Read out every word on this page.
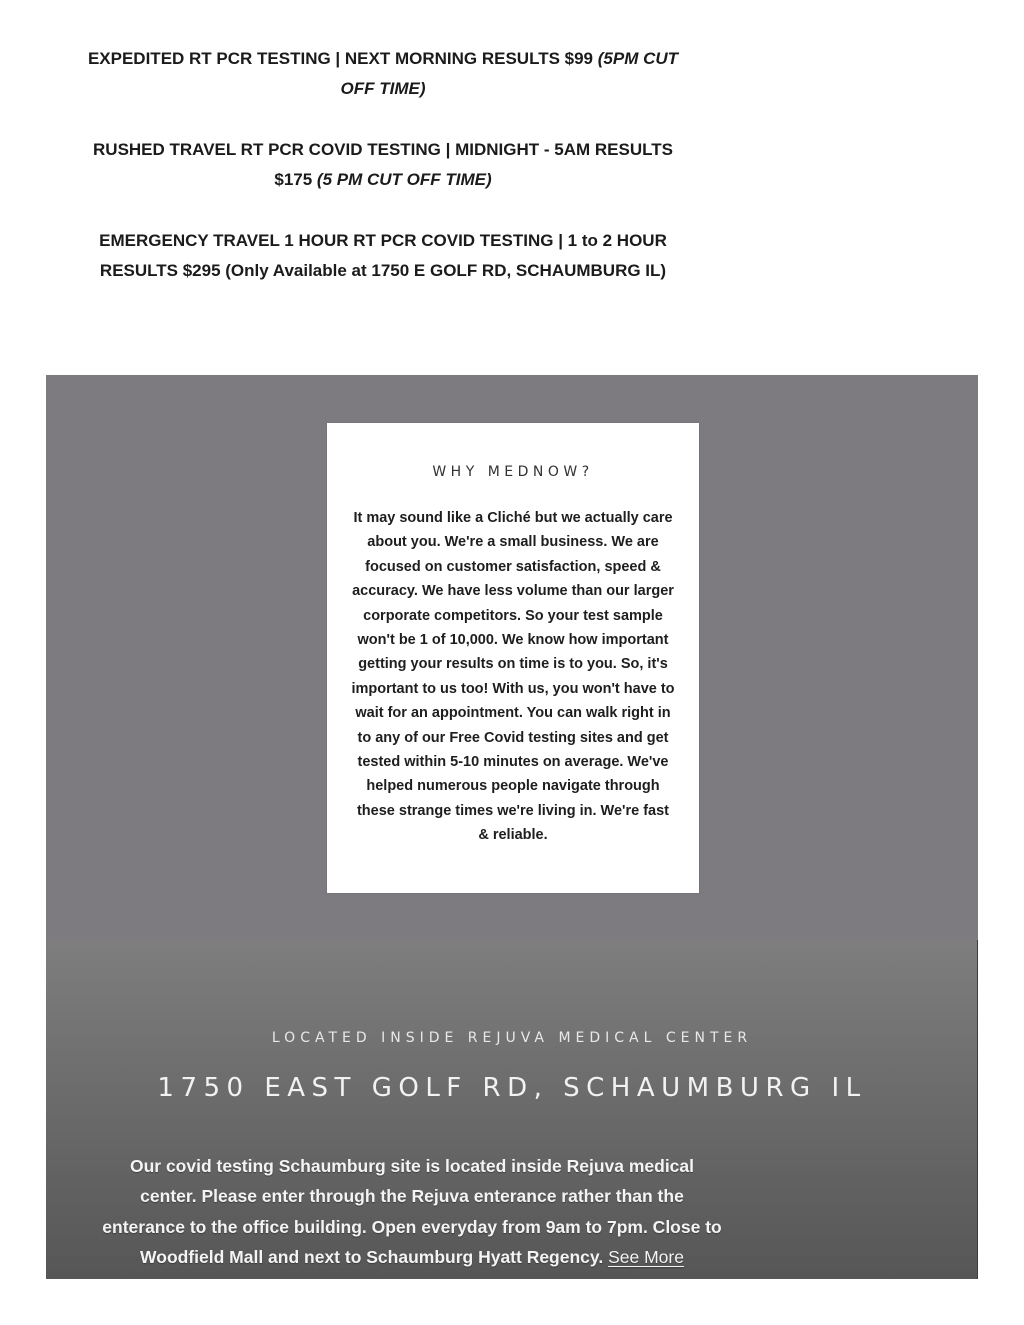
EXPEDITED RT PCR TESTING | NEXT MORNING RESULTS $99 (5PM CUT OFF TIME)

RUSHED TRAVEL RT PCR COVID TESTING | MIDNIGHT - 5AM RESULTS $175 (5 PM CUT OFF TIME)

EMERGENCY TRAVEL 1 HOUR RT PCR COVID TESTING | 1 to 2 HOUR RESULTS $295 (Only Available at 1750 E GOLF RD, SCHAUMBURG IL)

WHY MEDNOW?

It may sound like a Cliché but we actually care about you. We're a small business. We are focused on customer satisfaction, speed & accuracy. We have less volume than our larger corporate competitors. So your test sample won't be 1 of 10,000. We know how important getting your results on time is to you. So, it's important to us too! With us, you won't have to wait for an appointment. You can walk right in to any of our Free Covid testing sites and get tested within 5-10 minutes on average. We've helped numerous people navigate through these strange times we're living in. We're fast & reliable.

LOCATED INSIDE REJUVA MEDICAL CENTER
1750 EAST GOLF RD, SCHAUMBURG IL

Our covid testing Schaumburg site is located inside Rejuva medical center. Please enter through the Rejuva enterance rather than the enterance to the office building. Open everyday from 9am to 7pm. Close to Woodfield Mall and next to Schaumburg Hyatt Regency. See More
